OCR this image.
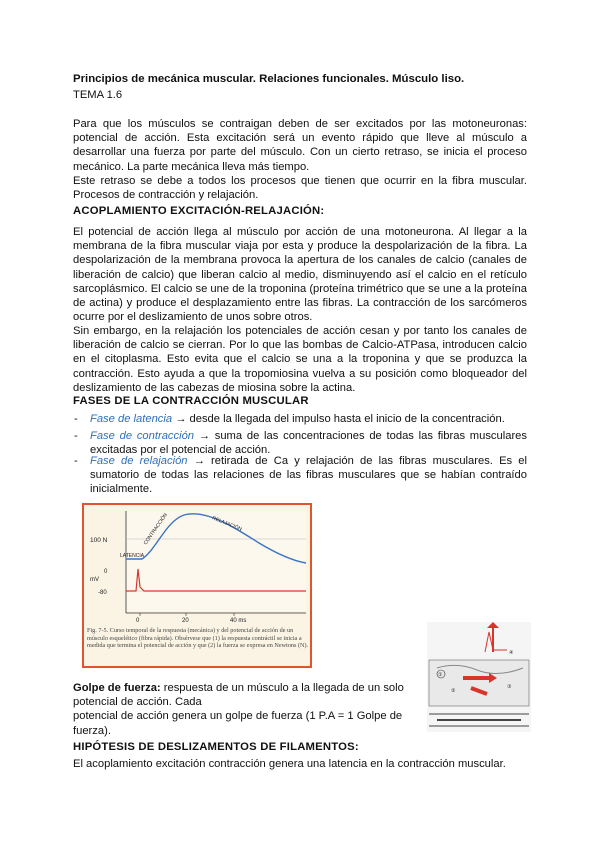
Principios de mecánica muscular. Relaciones funcionales. Músculo liso.

TEMA 1.6

Para que los músculos se contraigan deben de ser excitados por las motoneuronas: potencial de acción. Esta excitación será un evento rápido que lleve al músculo a desarrollar una fuerza por parte del músculo. Con un cierto retraso, se inicia el proceso mecánico. La parte mecánica lleva más tiempo.

Este retraso se debe a todos los procesos que tienen que ocurrir en la fibra muscular. Procesos de contracción y relajación.

ACOPLAMIENTO EXCITACIÓN-RELAJACIÓN:

El potencial de acción llega al músculo por acción de una motoneurona. Al llegar a la membrana de la fibra muscular viaja por esta y produce la despolarización de la fibra. La despolarización de la membrana provoca la apertura de los canales de calcio (canales de liberación de calcio) que liberan calcio al medio, disminuyendo así el calcio en el retículo sarcoplásmico. El calcio se une de la troponina (proteína trimétrico que se une a la proteína de actina) y produce el desplazamiento entre las fibras. La contracción de los sarcómeros ocurre por el deslizamiento de unos sobre otros.

Sin embargo, en la relajación los potenciales de acción cesan y por tanto los canales de liberación de calcio se cierran. Por lo que las bombas de Calcio-ATPasa, introducen calcio en el citoplasma. Esto evita que el calcio se una a la troponina y que se produzca la contracción. Esto ayuda a que la tropomiosina vuelva a su posición como bloqueador del deslizamiento de las cabezas de miosina sobre la actina.

FASES DE LA CONTRACCIÓN MUSCULAR

- Fase de latencia → desde la llegada del impulso hasta el inicio de la concentración.
- Fase de contracción → suma de las concentraciones de todas las fibras musculares excitadas por el potencial de acción.
- Fase de relajación → retirada de Ca y relajación de las fibras musculares. Es el sumatorio de todas las relaciones de las fibras musculares que se habían contraído inicialmente.
100 N
mV
0
-80
0	20	40 ms
LATENCIA
CONTRACCIÓN	RELAJACIÓN
Fig. 7-5. Curso temporal de la respuesta (mecánica) y del potencial de acción de un músculo esquelético (fibra rápida). Obsérvese que (1) la respuesta contráctil se inicia a medida que termina el potencial de acción y que (2) la fuerza se expresa en Newtons (N).
①
②
③
④
Golpe de fuerza: respuesta de un músculo a la llegada de un solo potencial de acción. Cada
potencial de acción genera un golpe de fuerza (1 P.A = 1 Golpe de fuerza).

HIPÓTESIS DE DESLIZAMENTOS DE FILAMENTOS:

El acoplamiento excitación contracción genera una latencia en la contracción muscular.
